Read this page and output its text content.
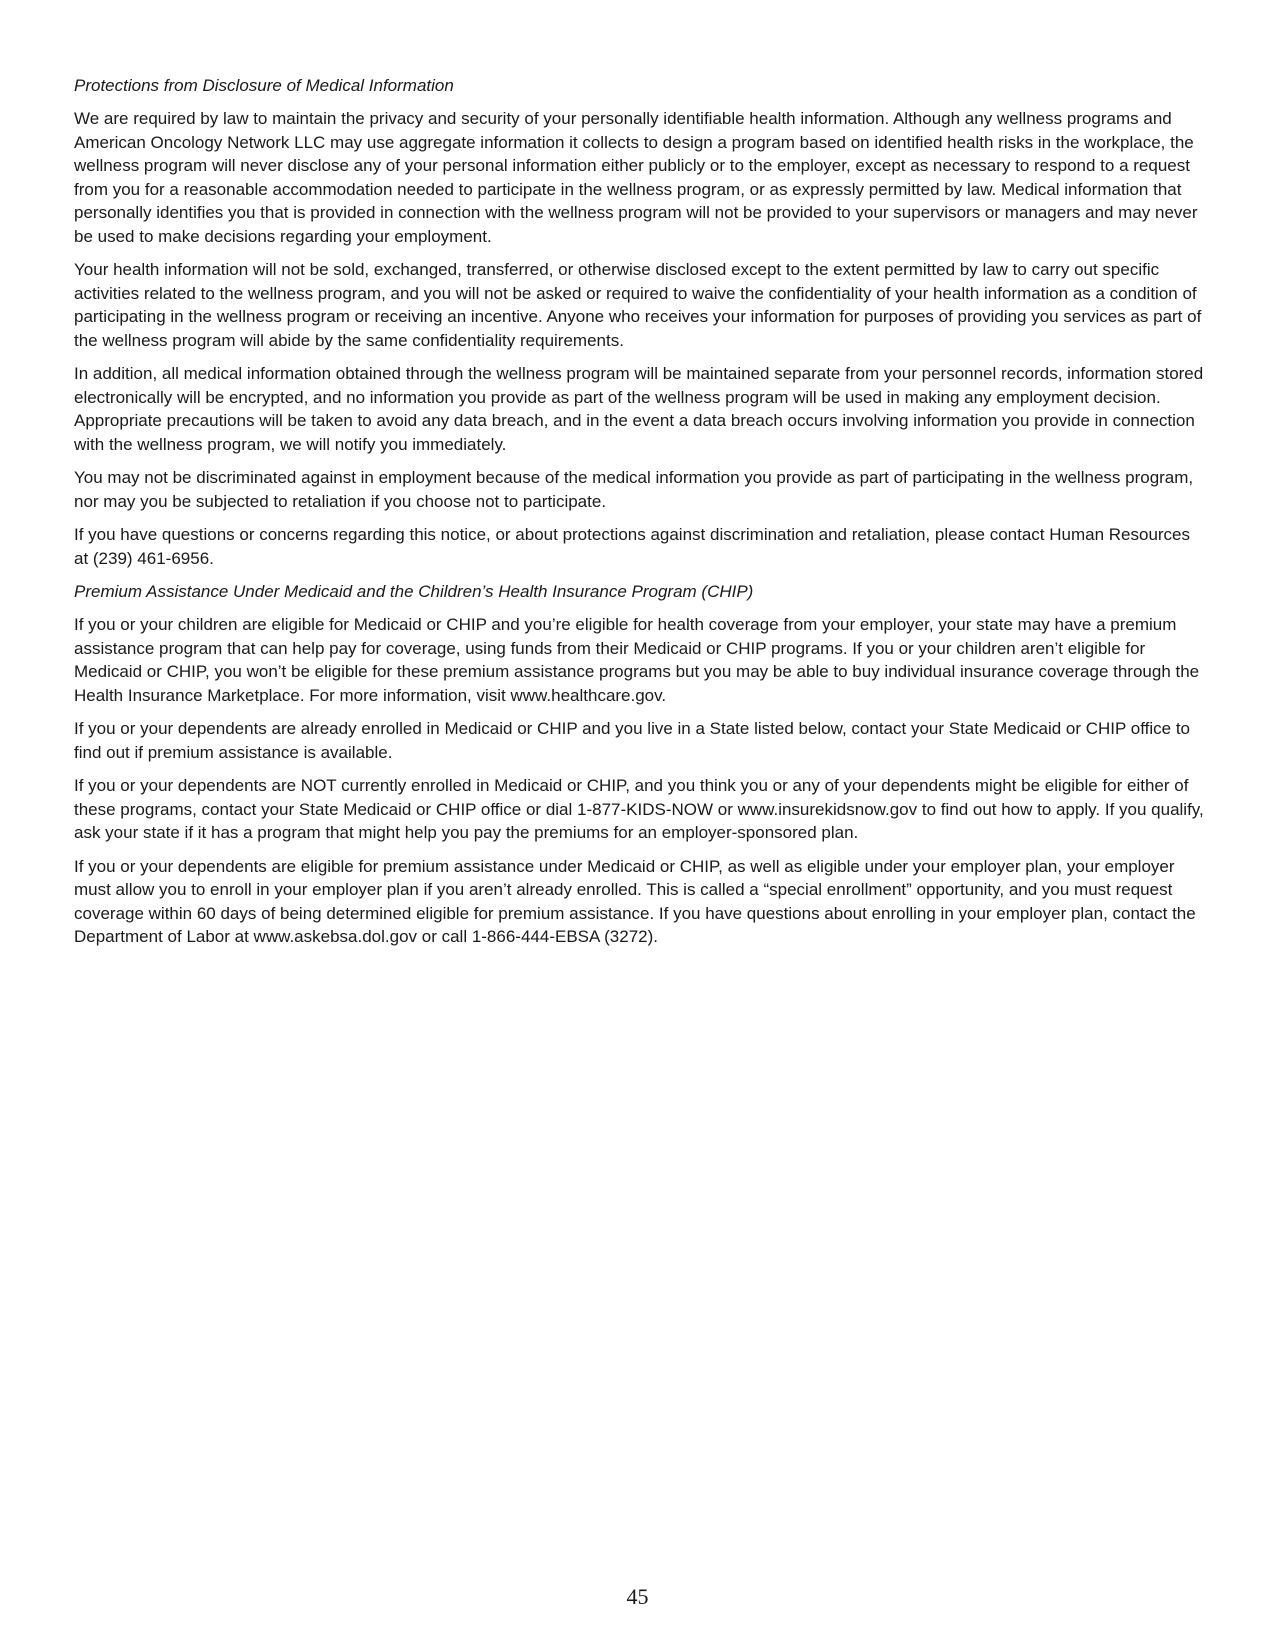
Protections from Disclosure of Medical Information

We are required by law to maintain the privacy and security of your personally identifiable health information. Although any wellness programs and American Oncology Network LLC may use aggregate information it collects to design a program based on identified health risks in the workplace, the wellness program will never disclose any of your personal information either publicly or to the employer, except as necessary to respond to a request from you for a reasonable accommodation needed to participate in the wellness program, or as expressly permitted by law. Medical information that personally identifies you that is provided in connection with the wellness program will not be provided to your supervisors or managers and may never be used to make decisions regarding your employment.

Your health information will not be sold, exchanged, transferred, or otherwise disclosed except to the extent permitted by law to carry out specific activities related to the wellness program, and you will not be asked or required to waive the confidentiality of your health information as a condition of participating in the wellness program or receiving an incentive. Anyone who receives your information for purposes of providing you services as part of the wellness program will abide by the same confidentiality requirements.

In addition, all medical information obtained through the wellness program will be maintained separate from your personnel records, information stored electronically will be encrypted, and no information you provide as part of the wellness program will be used in making any employment decision. Appropriate precautions will be taken to avoid any data breach, and in the event a data breach occurs involving information you provide in connection with the wellness program, we will notify you immediately.

You may not be discriminated against in employment because of the medical information you provide as part of participating in the wellness program, nor may you be subjected to retaliation if you choose not to participate.

If you have questions or concerns regarding this notice, or about protections against discrimination and retaliation, please contact Human Resources at (239) 461-6956.

Premium Assistance Under Medicaid and the Children’s Health Insurance Program (CHIP)

If you or your children are eligible for Medicaid or CHIP and you’re eligible for health coverage from your employer, your state may have a premium assistance program that can help pay for coverage, using funds from their Medicaid or CHIP programs. If you or your children aren’t eligible for Medicaid or CHIP, you won’t be eligible for these premium assistance programs but you may be able to buy individual insurance coverage through the Health Insurance Marketplace. For more information, visit www.healthcare.gov.

If you or your dependents are already enrolled in Medicaid or CHIP and you live in a State listed below, contact your State Medicaid or CHIP office to find out if premium assistance is available.

If you or your dependents are NOT currently enrolled in Medicaid or CHIP, and you think you or any of your dependents might be eligible for either of these programs, contact your State Medicaid or CHIP office or dial 1-877-KIDS-NOW or www.insurekidsnow.gov to find out how to apply. If you qualify, ask your state if it has a program that might help you pay the premiums for an employer-sponsored plan.

If you or your dependents are eligible for premium assistance under Medicaid or CHIP, as well as eligible under your employer plan, your employer must allow you to enroll in your employer plan if you aren’t already enrolled. This is called a “special enrollment” opportunity, and you must request coverage within 60 days of being determined eligible for premium assistance. If you have questions about enrolling in your employer plan, contact the Department of Labor at www.askebsa.dol.gov or call 1-866-444-EBSA (3272).

45
